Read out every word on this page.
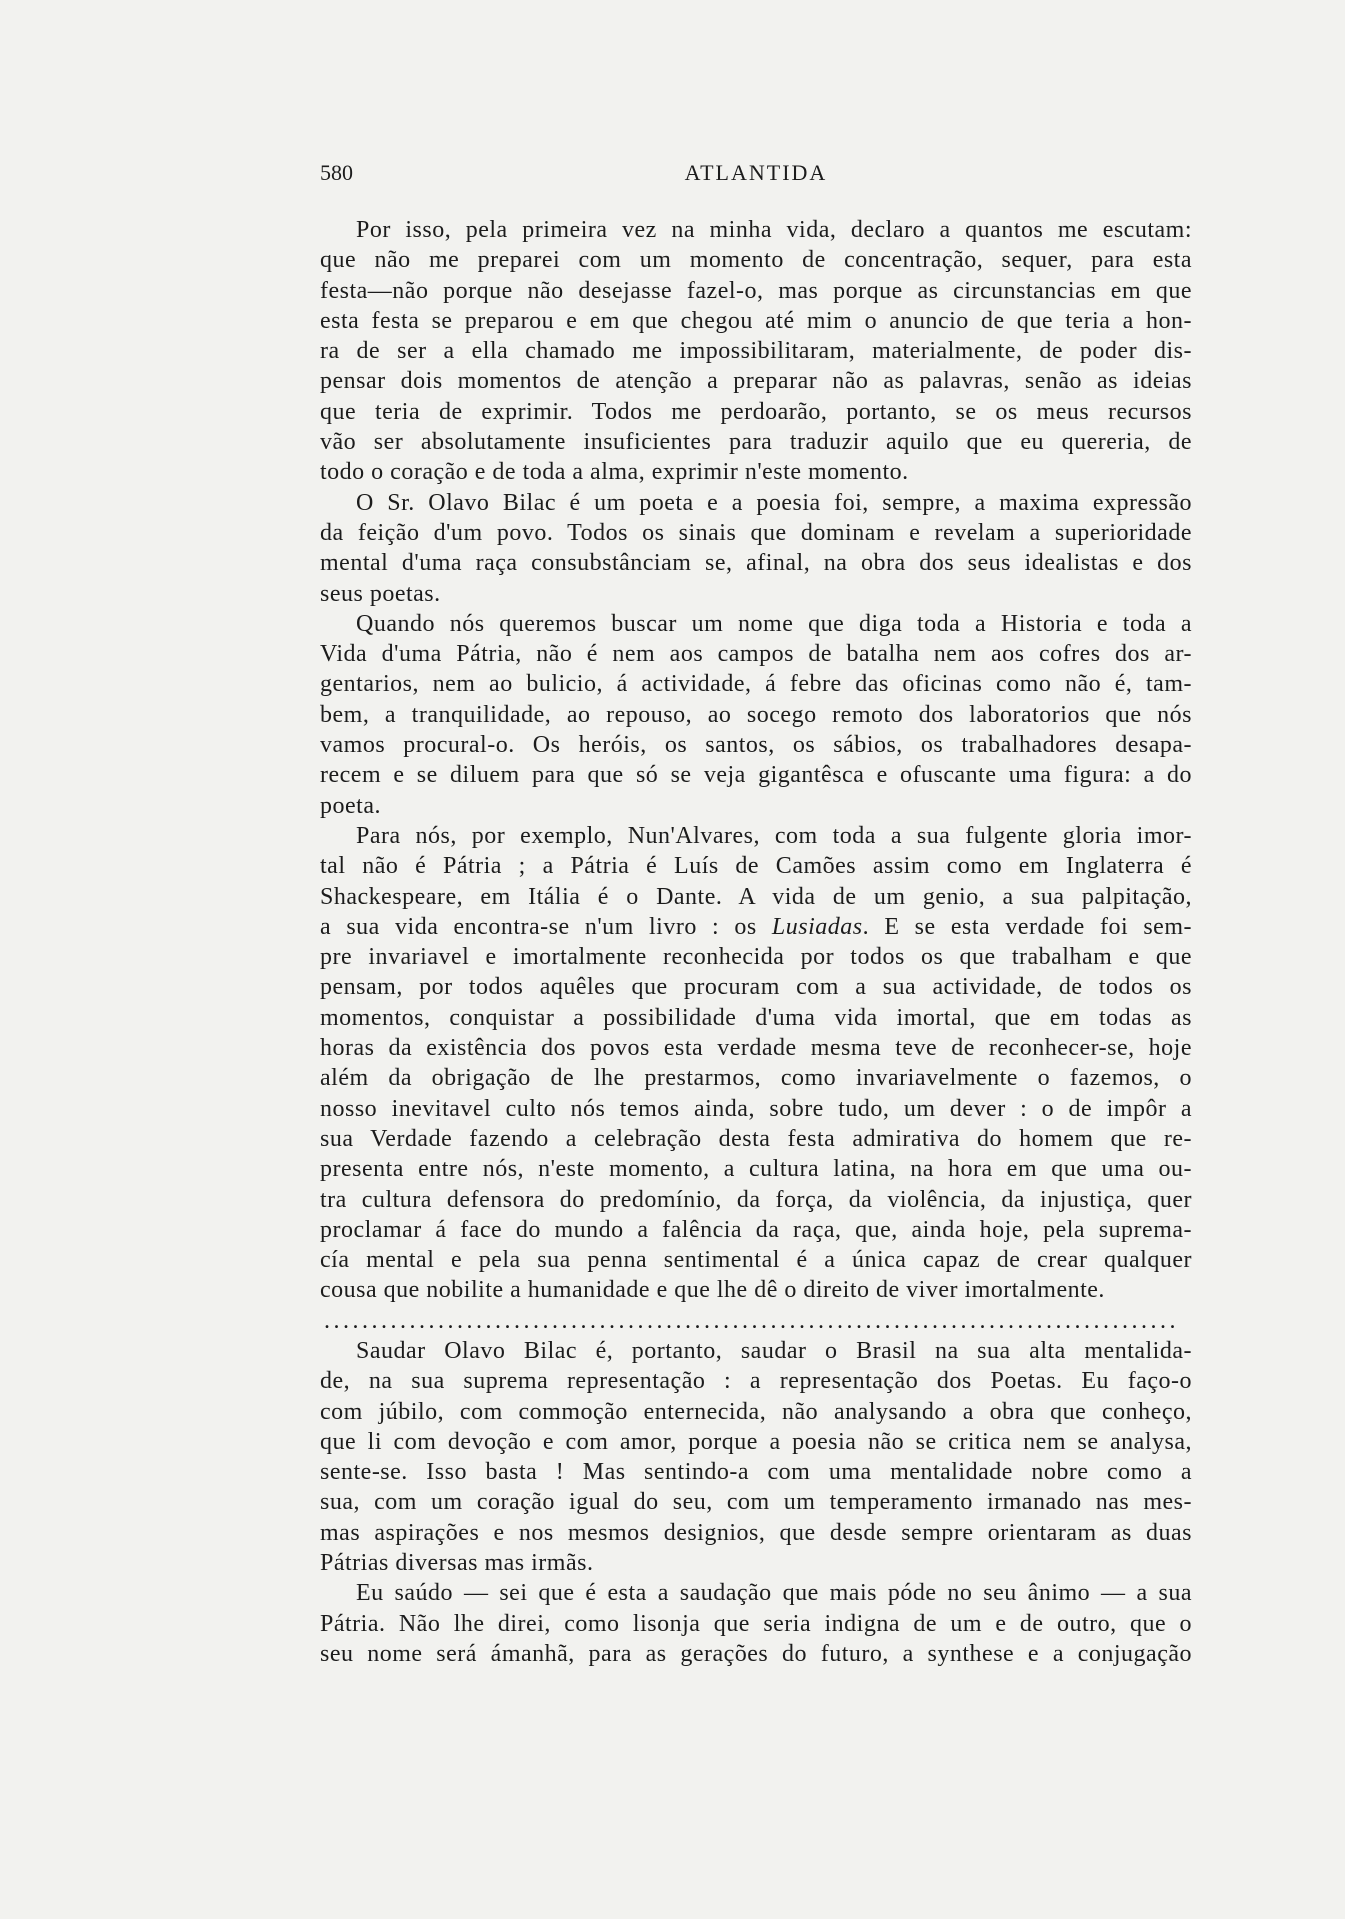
580	ATLANTIDA
Por isso, pela primeira vez na minha vida, declaro a quantos me escutam:
que não me preparei com um momento de concentração, sequer, para esta
festa—não porque não desejasse fazel-o, mas porque as circunstancias em que
esta festa se preparou e em que chegou até mim o anuncio de que teria a hon-
ra de ser a ella chamado me impossibilitaram, materialmente, de poder dis-
pensar dois momentos de atenção a preparar não as palavras, senão as ideias
que teria de exprimir. Todos me perdoarão, portanto, se os meus recursos
vão ser absolutamente insuficientes para traduzir aquilo que eu quereria, de
todo o coração e de toda a alma, exprimir n'este momento.
O Sr. Olavo Bilac é um poeta e a poesia foi, sempre, a maxima expressão
da feição d'um povo. Todos os sinais que dominam e revelam a superioridade
mental d'uma raça consubstânciam se, afinal, na obra dos seus idealistas e dos
seus poetas.
Quando nós queremos buscar um nome que diga toda a Historia e toda a
Vida d'uma Pátria, não é nem aos campos de batalha nem aos cofres dos ar-
gentarios, nem ao bulicio, á actividade, á febre das oficinas como não é, tam-
bem, a tranquilidade, ao repouso, ao socego remoto dos laboratorios que nós
vamos procural-o. Os heróis, os santos, os sábios, os trabalhadores desapa-
recem e se diluem para que só se veja gigantêsca e ofuscante uma figura: a do
poeta.
Para nós, por exemplo, Nun'Alvares, com toda a sua fulgente gloria imor-
tal não é Pátria ; a Pátria é Luís de Camões assim como em Inglaterra é
Shackespeare, em Itália é o Dante. A vida de um genio, a sua palpitação,
a sua vida encontra-se n'um livro : os Lusiadas. E se esta verdade foi sem-
pre invariavel e imortalmente reconhecida por todos os que trabalham e que
pensam, por todos aquêles que procuram com a sua actividade, de todos os
momentos, conquistar a possibilidade d'uma vida imortal, que em todas as
horas da existência dos povos esta verdade mesma teve de reconhecer-se, hoje
além da obrigação de lhe prestarmos, como invariavelmente o fazemos, o
nosso inevitavel culto nós temos ainda, sobre tudo, um dever : o de impôr a
sua Verdade fazendo a celebração desta festa admirativa do homem que re-
presenta entre nós, n'este momento, a cultura latina, na hora em que uma ou-
tra cultura defensora do predomínio, da força, da violência, da injustiça, quer
proclamar á face do mundo a falência da raça, que, ainda hoje, pela suprema-
cía mental e pela sua penna sentimental é a única capaz de crear qualquer
cousa que nobilite a humanidade e que lhe dê o direito de viver imortalmente.
..........................................................................................
Saudar Olavo Bilac é, portanto, saudar o Brasil na sua alta mentalida-
de, na sua suprema representação : a representação dos Poetas. Eu faço-o
com júbilo, com commoção enternecida, não analysando a obra que conheço,
que li com devoção e com amor, porque a poesia não se critica nem se analysa,
sente-se. Isso basta ! Mas sentindo-a com uma mentalidade nobre como a
sua, com um coração igual do seu, com um temperamento irmanado nas mes-
mas aspirações e nos mesmos designios, que desde sempre orientaram as duas
Pátrias diversas mas irmãs.
Eu saúdo — sei que é esta a saudação que mais póde no seu ânimo — a sua
Pátria. Não lhe direi, como lisonja que seria indigna de um e de outro, que o
seu nome será ámanhã, para as gerações do futuro, a synthese e a conjugação
